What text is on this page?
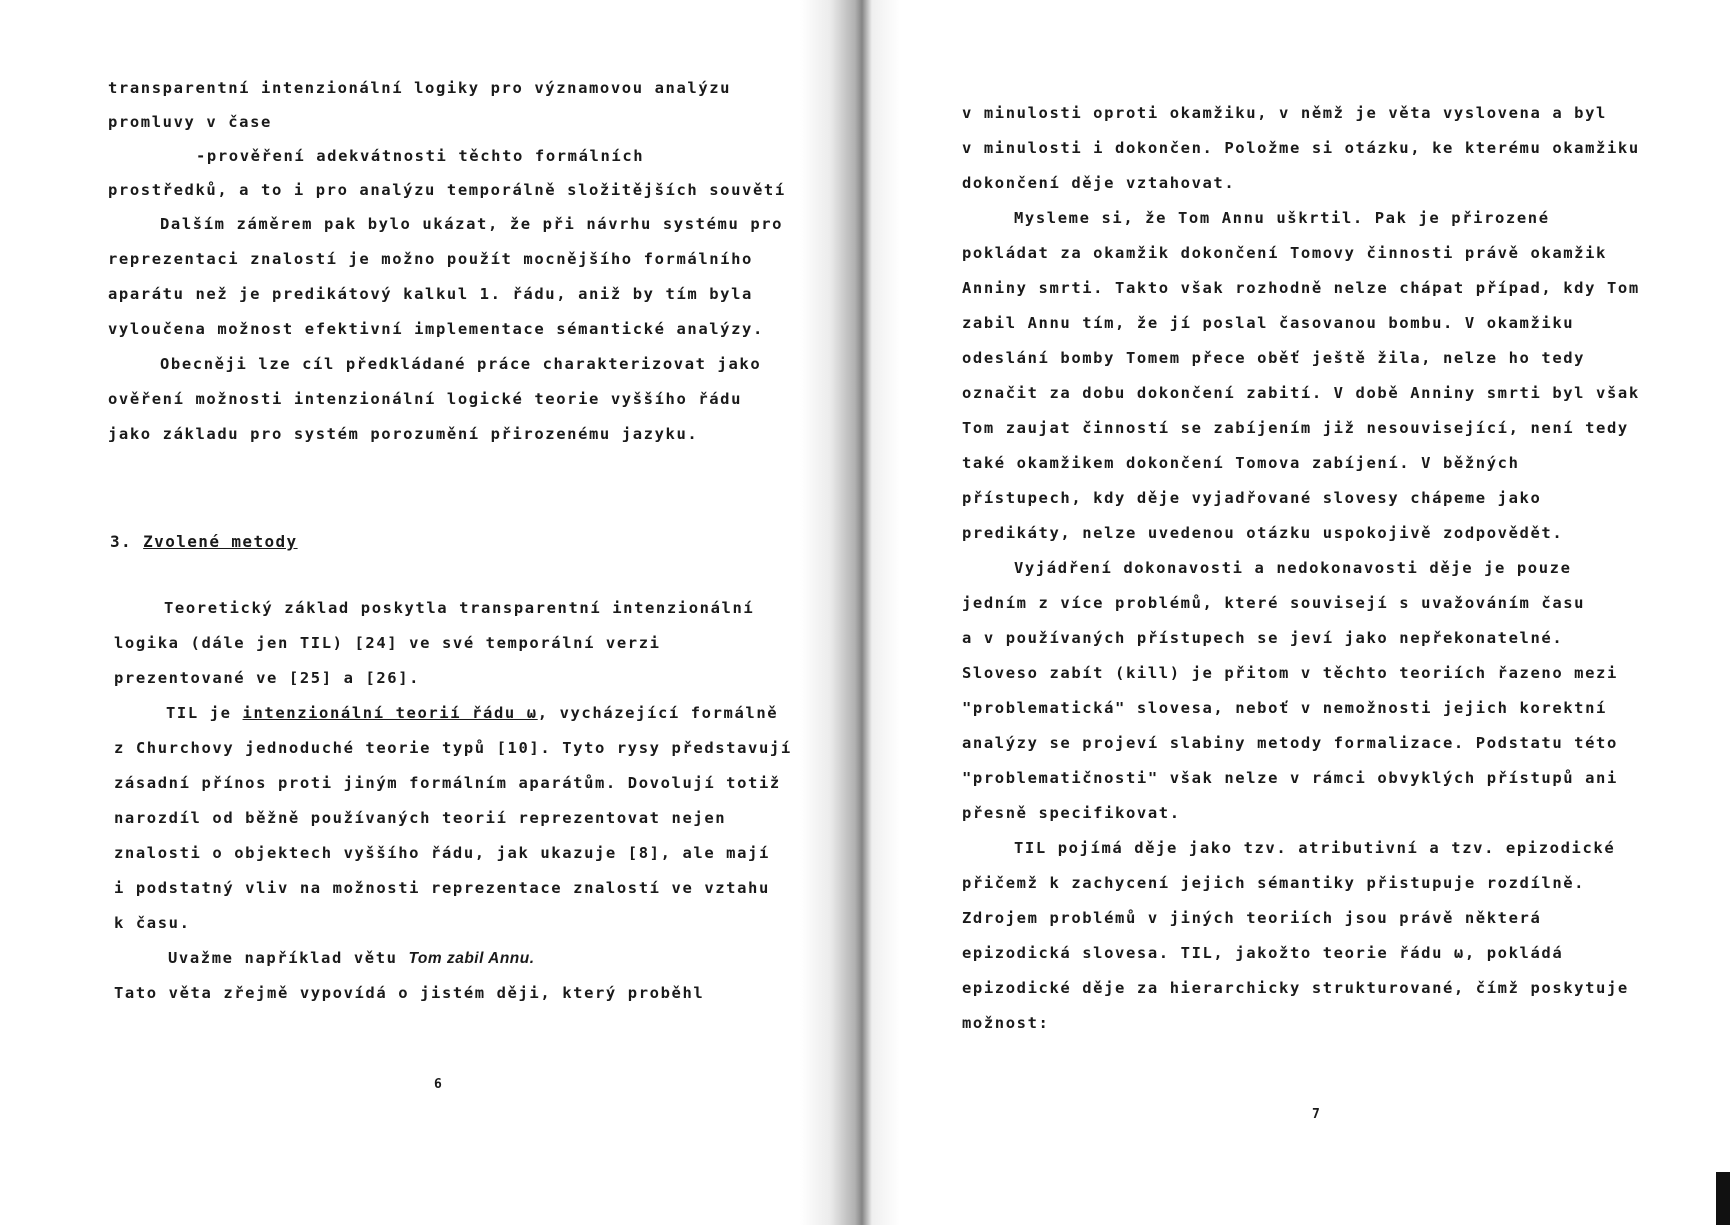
transparentní intenzionální logiky pro významovou analýzu
promluvy v čase
-prověření adekvátnosti těchto formálních
prostředků, a to i pro analýzu temporálně složitějších souvětí
Dalším záměrem pak bylo ukázat, že při návrhu systému pro
reprezentaci znalostí je možno použít mocnějšího formálního
aparátu než je predikátový kalkul 1. řádu, aniž by tím byla
vyloučena možnost efektivní implementace sémantické analýzy.
Obecněji lze cíl předkládané práce charakterizovat jako
ověření možnosti intenzionální logické teorie vyššího řádu
jako základu pro systém porozumění přirozenému jazyku.
3. Zvolené metody
Teoretický základ poskytla transparentní intenzionální
logika (dále jen TIL) [24] ve své temporální verzi
prezentované ve [25] a [26].
TIL je intenzionální teorií řádu ω, vycházející formálně
z Churchovy jednoduché teorie typů [10]. Tyto rysy představují
zásadní přínos proti jiným formálním aparátům. Dovolují totiž
narozdíl od běžně používaných teorií reprezentovat nejen
znalosti o objektech vyššího řádu, jak ukazuje [8], ale mají
i podstatný vliv na možnosti reprezentace znalostí ve vztahu
k času.
Uvažme například větu Tom zabil Annu.
Tato věta zřejmě vypovídá o jistém ději, který proběhl
6
v minulosti oproti okamžiku, v němž je věta vyslovena a byl
v minulosti i dokončen. Položme si otázku, ke kterému okamžiku
dokončení děje vztahovat.
Mysleme si, že Tom Annu uškrtil. Pak je přirozené
pokládat za okamžik dokončení Tomovy činnosti právě okamžik
Anniny smrti. Takto však rozhodně nelze chápat případ, kdy Tom
zabil Annu tím, že jí poslal časovanou bombu. V okamžiku
odeslání bomby Tomem přece oběť ještě žila, nelze ho tedy
označit za dobu dokončení zabití. V době Anniny smrti byl však
Tom zaujat činností se zabíjením již nesouvisející, není tedy
také okamžikem dokončení Tomova zabíjení. V běžných
přístupech, kdy děje vyjadřované slovesy chápeme jako
predikáty, nelze uvedenou otázku uspokojivě zodpovědět.
Vyjádření dokonavosti a nedokonavosti děje je pouze
jedním z více problémů, které souvisejí s uvažováním času
a v používaných přístupech se jeví jako nepřekonatelné.
Sloveso zabít (kill) je přitom v těchto teoriích řazeno mezi
"problematická" slovesa, neboť v nemožnosti jejich korektní
analýzy se projeví slabiny metody formalizace. Podstatu této
"problematičnosti" však nelze v rámci obvyklých přístupů ani
přesně specifikovat.
TIL pojímá děje jako tzv. atributivní a tzv. epizodické
přičemž k zachycení jejich sémantiky přistupuje rozdílně.
Zdrojem problémů v jiných teoriích jsou právě některá
epizodická slovesa. TIL, jakožto teorie řádu ω, pokládá
epizodické děje za hierarchicky strukturované, čímž poskytuje
možnost:
7
